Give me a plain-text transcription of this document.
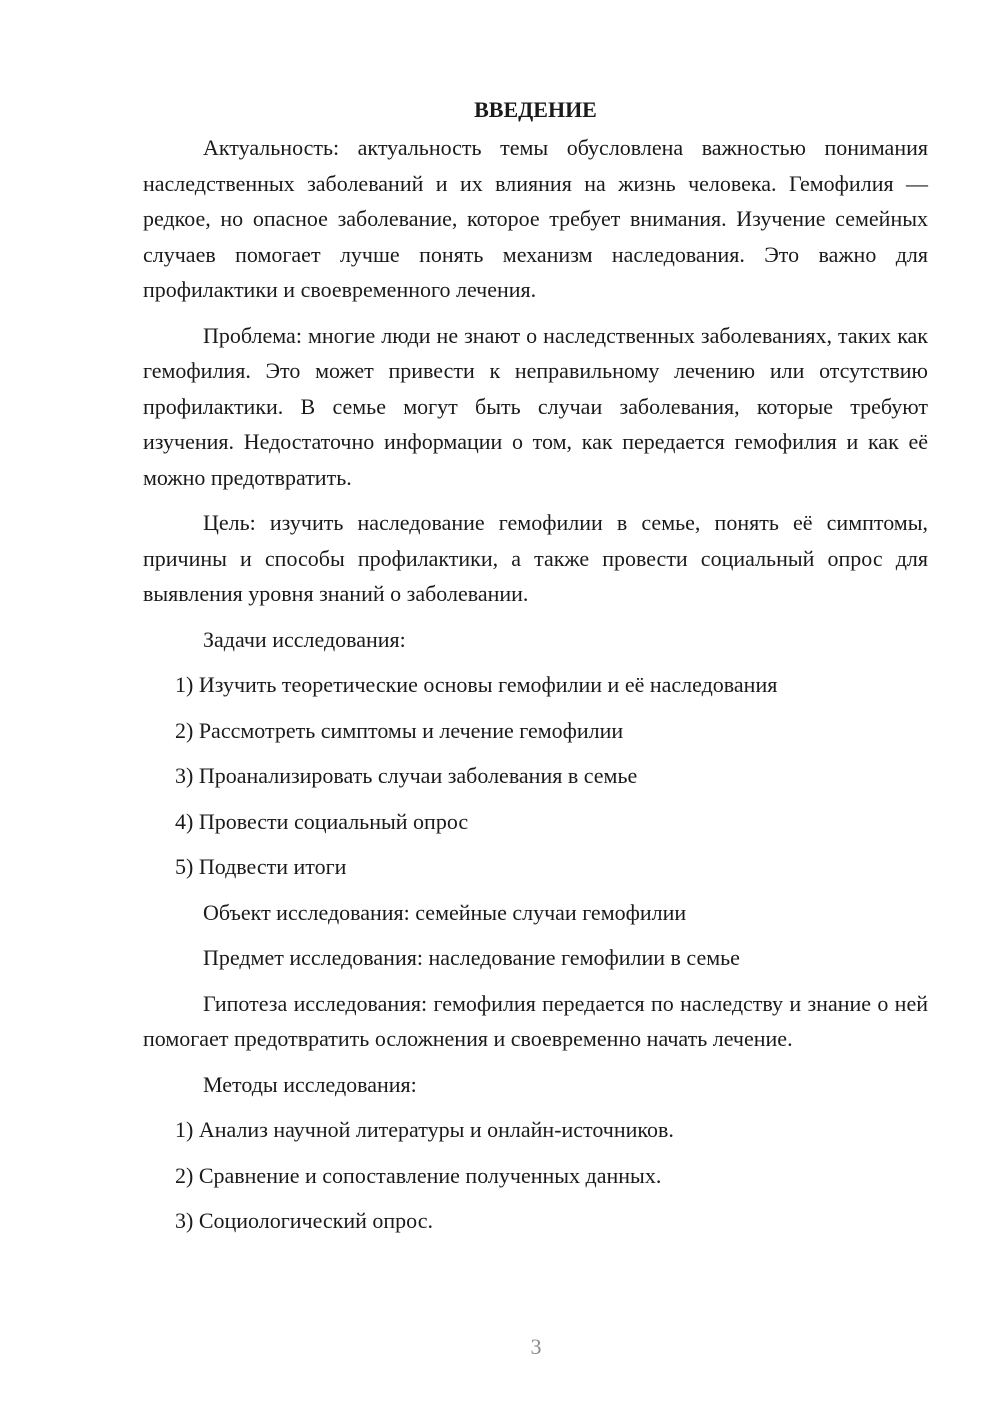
ВВЕДЕНИЕ

Актуальность: актуальность темы обусловлена важностью понимания наследственных заболеваний и их влияния на жизнь человека. Гемофилия — редкое, но опасное заболевание, которое требует внимания. Изучение семейных случаев помогает лучше понять механизм наследования. Это важно для профилактики и своевременного лечения.

Проблема: многие люди не знают о наследственных заболеваниях, таких как гемофилия. Это может привести к неправильному лечению или отсутствию профилактики. В семье могут быть случаи заболевания, которые требуют изучения. Недостаточно информации о том, как передается гемофилия и как её можно предотвратить.

Цель: изучить наследование гемофилии в семье, понять её симптомы, причины и способы профилактики, а также провести социальный опрос для выявления уровня знаний о заболевании.

Задачи исследования:
1) Изучить теоретические основы гемофилии и её наследования
2) Рассмотреть симптомы и лечение гемофилии
3) Проанализировать случаи заболевания в семье
4) Провести социальный опрос
5) Подвести итоги
Объект исследования: семейные случаи гемофилии
Предмет исследования: наследование гемофилии в семье

Гипотеза исследования: гемофилия передается по наследству и знание о ней помогает предотвратить осложнения и своевременно начать лечение.

Методы исследования:
1) Анализ научной литературы и онлайн-источников.
2) Сравнение и сопоставление полученных данных.
3) Социологический опрос.
3
